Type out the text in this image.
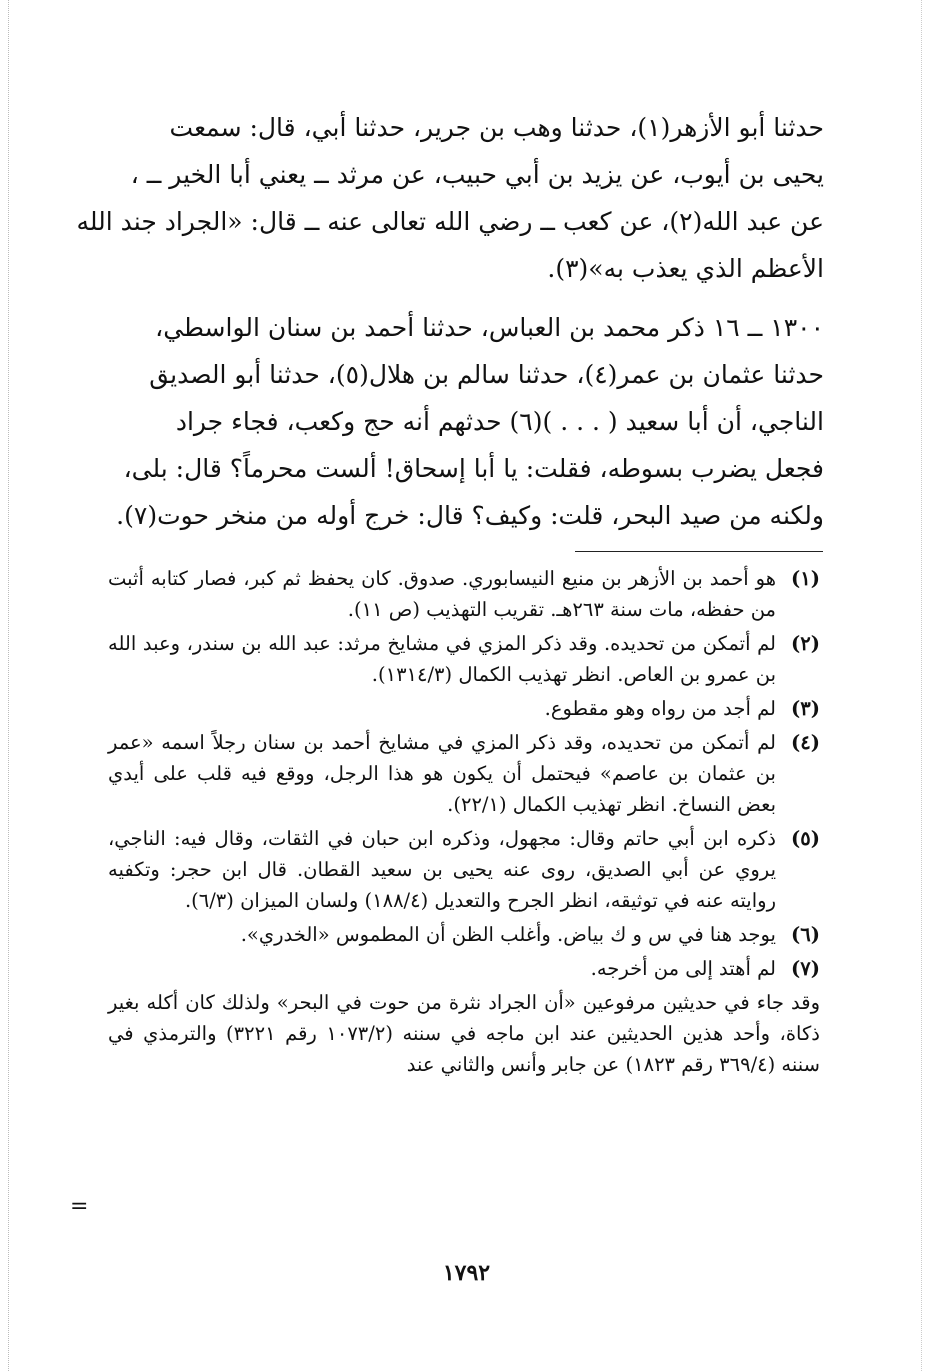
حدثنا أبو الأزهر(١)، حدثنا وهب بن جرير، حدثنا أبي، قال: سمعت
يحيى بن أيوب، عن يزيد بن أبي حبيب، عن مرثد ــ يعني أبا الخير ــ ،
عن عبد الله(٢)، عن كعب ــ رضي الله تعالى عنه ــ قال: «الجراد جند الله
الأعظم الذي يعذب به»(٣).

١٣٠٠ ــ ١٦ ذكر محمد بن العباس، حدثنا أحمد بن سنان الواسطي،
حدثنا عثمان بن عمر(٤)، حدثنا سالم بن هلال(٥)، حدثنا أبو الصديق
الناجي، أن أبا سعيد ( . . . )(٦) حدثهم أنه حج وكعب، فجاء جراد
فجعل يضرب بسوطه، فقلت: يا أبا إسحاق! ألست محرماً؟ قال: بلى،
ولكنه من صيد البحر، قلت: وكيف؟ قال: خرج أوله من منخر حوت(٧).

(١)
هو أحمد بن الأزهر بن منيع النيسابوري. صدوق. كان يحفظ ثم كبر، فصار كتابه أثبت من حفظه، مات سنة ٢٦٣هـ. تقريب التهذيب (ص ١١).
(٢)
لم أتمكن من تحديده. وقد ذكر المزي في مشايخ مرثد: عبد الله بن سندر، وعبد الله بن عمرو بن العاص. انظر تهذيب الكمال (١٣١٤/٣).
(٣)
لم أجد من رواه وهو مقطوع.
(٤)
لم أتمكن من تحديده، وقد ذكر المزي في مشايخ أحمد بن سنان رجلاً اسمه «عمر بن عثمان بن عاصم» فيحتمل أن يكون هو هذا الرجل، ووقع فيه قلب على أيدي بعض النساخ. انظر تهذيب الكمال (٢٢/١).
(٥)
ذكره ابن أبي حاتم وقال: مجهول، وذكره ابن حبان في الثقات، وقال فيه: الناجي، يروي عن أبي الصديق، روى عنه يحيى بن سعيد القطان. قال ابن حجر: وتكفيه روايته عنه في توثيقه، انظر الجرح والتعديل (١٨٨/٤) ولسان الميزان (٦/٣).
(٦)
يوجد هنا في س و ك بياض. وأغلب الظن أن المطموس «الخدري».
(٧)
لم أهتد إلى من أخرجه.
وقد جاء في حديثين مرفوعين «أن الجراد نثرة من حوت في البحر» ولذلك كان أكله بغير ذكاة، وأحد هذين الحديثين عند ابن ماجه في سننه (١٠٧٣/٢ رقم ٣٢٢١) والترمذي في سننه (٣٦٩/٤ رقم ١٨٢٣) عن جابر وأنس والثاني عند
=
١٧٩٢
